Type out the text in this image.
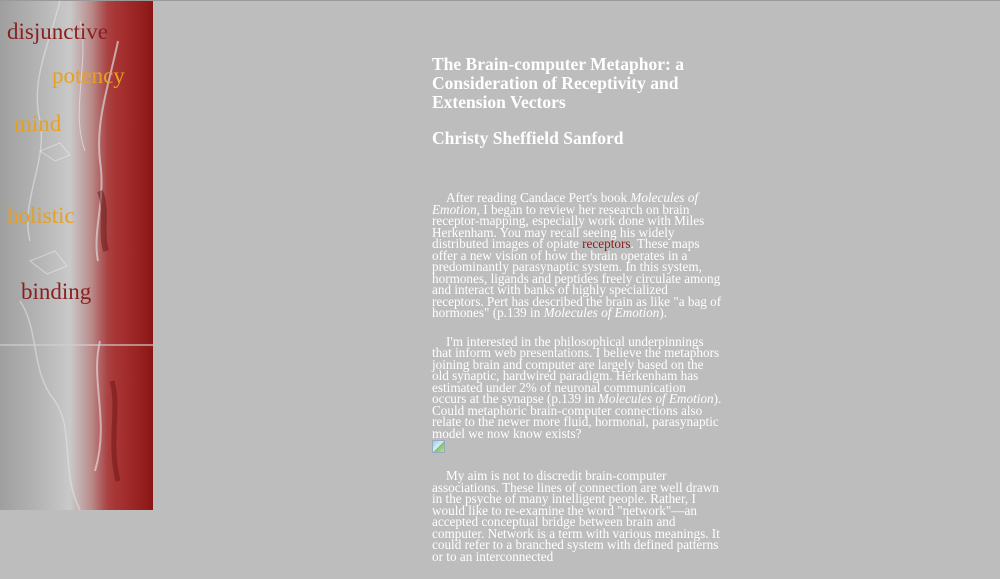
disjunctive
potency
mind
holistic
binding
The Brain-computer Metaphor: a Consideration of Receptivity and Extension Vectors
Christy Sheffield Sanford

After reading Candace Pert's book Molecules of Emotion, I began to review her research on brain receptor-mapping, especially work done with Miles Herkenham. You may recall seeing his widely distributed images of opiate receptors. These maps offer a new vision of how the brain operates in a predominantly parasynaptic system. In this system, hormones, ligands and peptides freely circulate among and interact with banks of highly specialized receptors. Pert has described the brain as like "a bag of hormones" (p.139 in Molecules of Emotion).

I'm interested in the philosophical underpinnings that inform web presentations. I believe the metaphors joining brain and computer are largely based on the old synaptic, hardwired paradigm. Herkenham has estimated under 2% of neuronal communication occurs at the synapse (p.139 in Molecules of Emotion). Could metaphoric brain-computer connections also relate to the newer more fluid, hormonal, parasynaptic model we now know exists?

My aim is not to discredit brain-computer associations. These lines of connection are well drawn in the psyche of many intelligent people. Rather, I would like to re-examine the word "network"—an accepted conceptual bridge between brain and computer. Network is a term with various meanings. It could refer to a branched system with defined patterns or to an interconnected
